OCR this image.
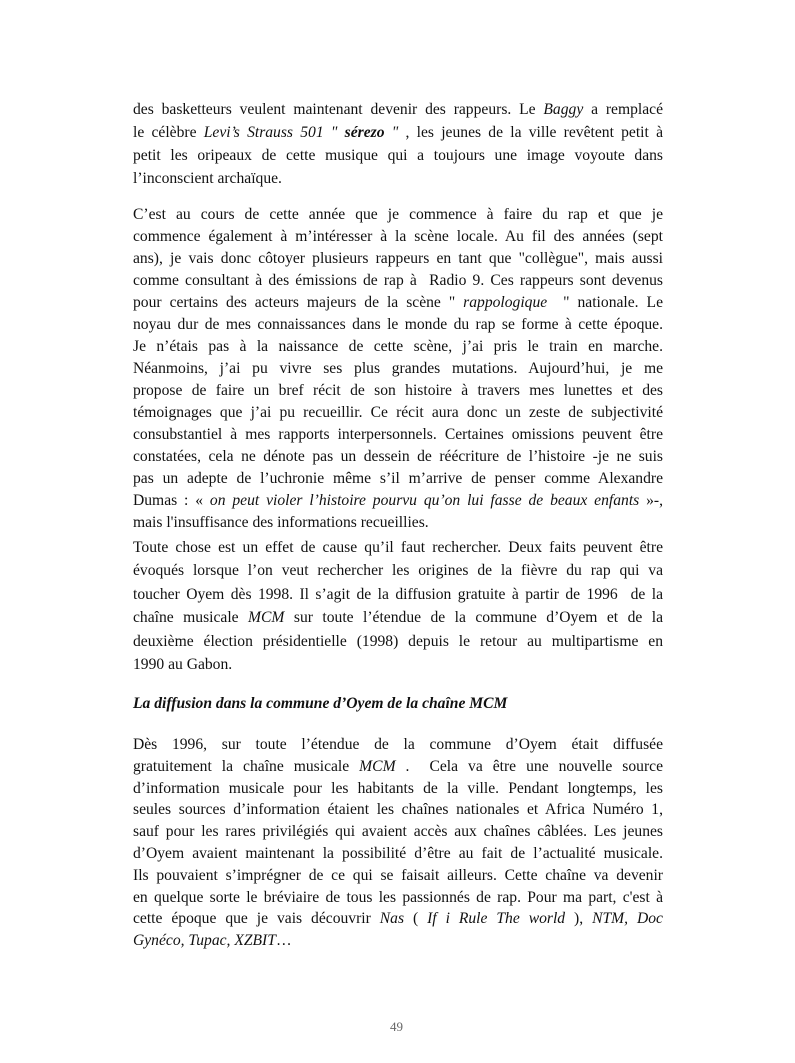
des basketteurs veulent maintenant devenir des rappeurs. Le Baggy a remplacé
le célèbre Levi’s Strauss 501 " sérezo " , les jeunes de la ville revêtent petit à
petit les oripeaux de cette musique qui a toujours une image voyoute dans
l’inconscient archaïque.
C’est au cours de cette année que je commence à faire du rap et que je
commence également à m’intéresser à la scène locale. Au fil des années (sept
ans), je vais donc côtoyer plusieurs rappeurs en tant que "collègue", mais aussi
comme consultant à des émissions de rap à  Radio 9. Ces rappeurs sont devenus
pour certains des acteurs majeurs de la scène " rappologique  " nationale. Le
noyau dur de mes connaissances dans le monde du rap se forme à cette époque.
Je n’étais pas à la naissance de cette scène, j’ai pris le train en marche.
Néanmoins, j’ai pu vivre ses plus grandes mutations. Aujourd’hui, je me
propose de faire un bref récit de son histoire à travers mes lunettes et des
témoignages que j’ai pu recueillir. Ce récit aura donc un zeste de subjectivité
consubstantiel à mes rapports interpersonnels. Certaines omissions peuvent être
constatées, cela ne dénote pas un dessein de réécriture de l’histoire -je ne suis
pas un adepte de l’uchronie même s’il m’arrive de penser comme Alexandre
Dumas : « on peut violer l’histoire pourvu qu’on lui fasse de beaux enfants »-,
mais l'insuffisance des informations recueillies.
Toute chose est un effet de cause qu’il faut rechercher. Deux faits peuvent être
évoqués lorsque l’on veut rechercher les origines de la fièvre du rap qui va
toucher Oyem dès 1998. Il s’agit de la diffusion gratuite à partir de 1996  de la
chaîne musicale MCM sur toute l’étendue de la commune d’Oyem et de la
deuxième élection présidentielle (1998) depuis le retour au multipartisme en
1990 au Gabon.
La diffusion dans la commune d’Oyem de la chaîne MCM
Dès 1996, sur toute l’étendue de la commune d’Oyem était diffusée
gratuitement la chaîne musicale MCM .  Cela va être une nouvelle source
d’information musicale pour les habitants de la ville. Pendant longtemps, les
seules sources d’information étaient les chaînes nationales et Africa Numéro 1,
sauf pour les rares privilégiés qui avaient accès aux chaînes câblées. Les jeunes
d’Oyem avaient maintenant la possibilité d’être au fait de l’actualité musicale.
Ils pouvaient s’imprégner de ce qui se faisait ailleurs. Cette chaîne va devenir
en quelque sorte le bréviaire de tous les passionnés de rap. Pour ma part, c'est à
cette époque que je vais découvrir Nas ( If i Rule The world ), NTM, Doc
Gynéco, Tupac, XZBIT…
49
